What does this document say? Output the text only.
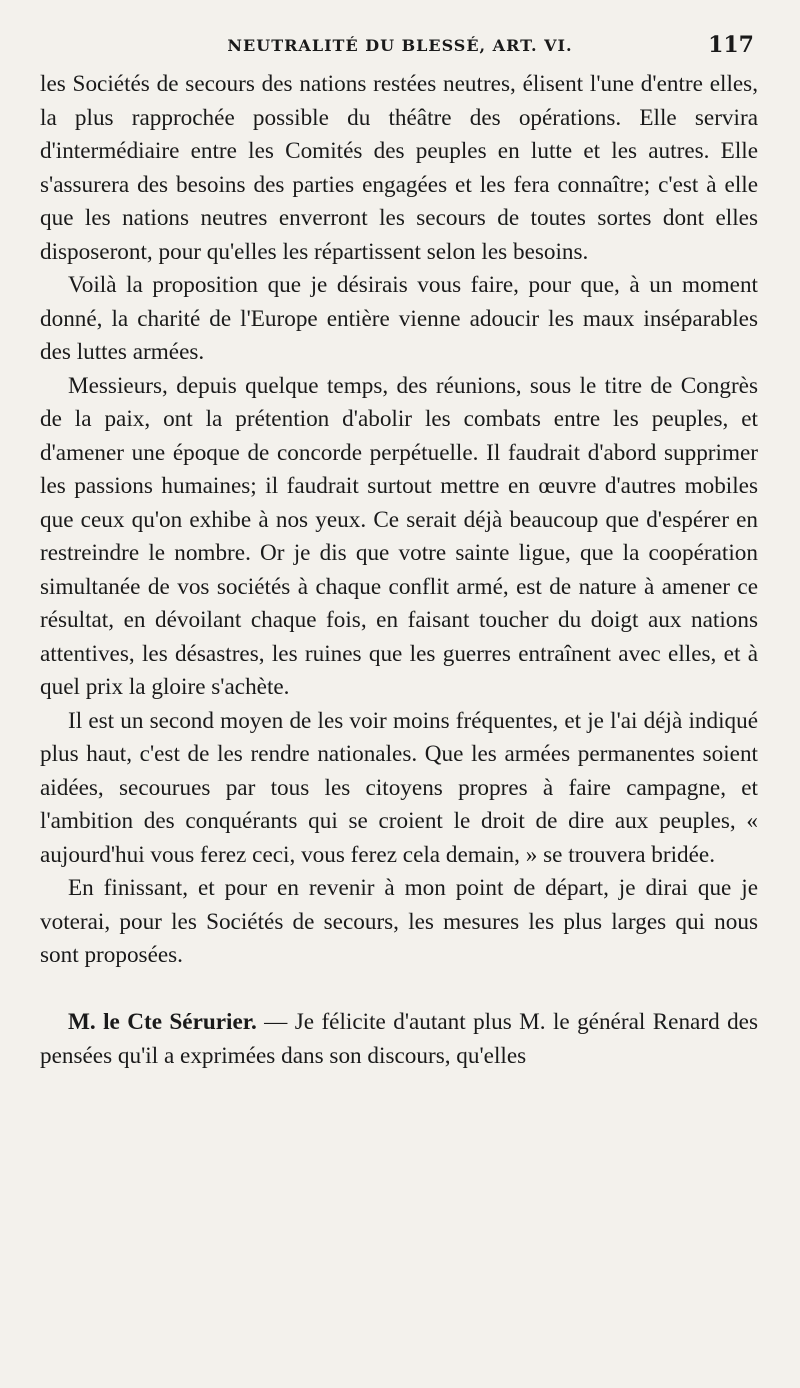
NEUTRALITÉ DU BLESSÉ, ART. VI.	117

les Sociétés de secours des nations restées neutres, élisent l'une d'entre elles, la plus rapprochée possible du théâtre des opérations. Elle servira d'intermédiaire entre les Comités des peuples en lutte et les autres. Elle s'assurera des besoins des parties engagées et les fera connaître; c'est à elle que les nations neutres enverront les secours de toutes sortes dont elles disposeront, pour qu'elles les répartissent selon les besoins.

Voilà la proposition que je désirais vous faire, pour que, à un moment donné, la charité de l'Europe entière vienne adoucir les maux inséparables des luttes armées.

Messieurs, depuis quelque temps, des réunions, sous le titre de Congrès de la paix, ont la prétention d'abolir les combats entre les peuples, et d'amener une époque de concorde perpétuelle. Il faudrait d'abord supprimer les passions humaines; il faudrait surtout mettre en œuvre d'autres mobiles que ceux qu'on exhibe à nos yeux. Ce serait déjà beaucoup que d'espérer en restreindre le nombre. Or je dis que votre sainte ligue, que la coopération simultanée de vos sociétés à chaque conflit armé, est de nature à amener ce résultat, en dévoilant chaque fois, en faisant toucher du doigt aux nations attentives, les désastres, les ruines que les guerres entraînent avec elles, et à quel prix la gloire s'achète.

Il est un second moyen de les voir moins fréquentes, et je l'ai déjà indiqué plus haut, c'est de les rendre nationales. Que les armées permanentes soient aidées, secourues par tous les citoyens propres à faire campagne, et l'ambition des conquérants qui se croient le droit de dire aux peuples, « aujourd'hui vous ferez ceci, vous ferez cela demain, » se trouvera bridée.

En finissant, et pour en revenir à mon point de départ, je dirai que je voterai, pour les Sociétés de secours, les mesures les plus larges qui nous sont proposées.

M. le Cte Sérurier. — Je félicite d'autant plus M. le général Renard des pensées qu'il a exprimées dans son discours, qu'elles
